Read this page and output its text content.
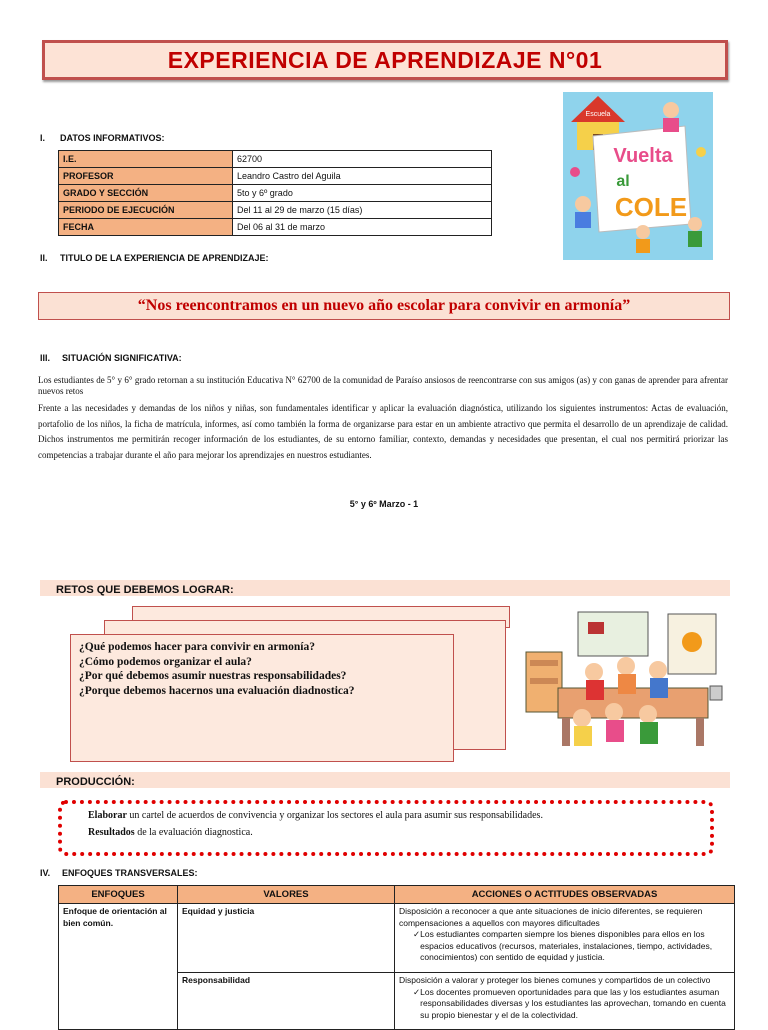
EXPERIENCIA DE APRENDIZAJE N°01
I. DATOS INFORMATIVOS:
I.E.	62700
PROFESOR	Leandro Castro del Aguila
GRADO Y SECCIÓN	5to y 6º grado
PERIODO DE EJECUCIÓN	Del 11 al 29 de marzo (15 días)
FECHA	Del 06 al 31 de marzo
Escuela
Vuelta
al
COLE
II. TITULO DE LA EXPERIENCIA DE APRENDIZAJE:
“Nos reencontramos en un nuevo año escolar para convivir en armonía”
III. SITUACIÓN SIGNIFICATIVA:
Los estudiantes de 5° y 6° grado retornan a su institución Educativa N° 62700 de la comunidad de Paraíso ansiosos de reencontrarse con sus amigos (as) y con ganas de aprender para afrentar nuevos retos
Frente a las necesidades y demandas de los niños y niñas, son fundamentales identificar y aplicar la evaluación diagnóstica, utilizando los siguientes instrumentos: Actas de evaluación, portafolio de los niños, la ficha de matrícula, informes, así como también la forma de organizarse para estar en un ambiente atractivo que permita el desarrollo de un aprendizaje de calidad. Dichos instrumentos me permitirán recoger información de los estudiantes, de su entorno familiar, contexto, demandas y necesidades que presentan, el cual nos permitirá priorizar las competencias a trabajar durante el año para mejorar los aprendizajes en nuestros estudiantes.
5° y 6º Marzo - 1
RETOS QUE DEBEMOS LOGRAR:
¿Qué podemos hacer para convivir en armonía?
¿Cómo podemos organizar el aula?
¿Por qué debemos asumir nuestras responsabilidades?
¿Porque debemos hacernos una evaluación diadnostica?
PRODUCCIÓN:
Elaborar un cartel de acuerdos de convivencia y organizar los sectores el aula para asumir sus responsabilidades.
Resultados de la evaluación diagnostica.
IV. ENFOQUES TRANSVERSALES:
ENFOQUES	VALORES	ACCIONES O ACTITUDES OBSERVADAS
Enfoque de orientación al bien común.	Equidad y justicia	Disposición a reconocer a que ante situaciones de inicio diferentes, se requieren compensaciones a aquellos con mayores dificultades
✓ Los estudiantes comparten siempre los bienes disponibles para ellos en los espacios educativos (recursos, materiales, instalaciones, tiempo, actividades, conocimientos) con sentido de equidad y justicia.

	Responsabilidad	Disposición a valorar y proteger los bienes comunes y compartidos de un colectivo
✓ Los docentes promueven oportunidades para que las y los estudiantes asuman responsabilidades diversas y los estudiantes las aprovechan, tomando en cuenta su propio bienestar y el de la colectividad.
